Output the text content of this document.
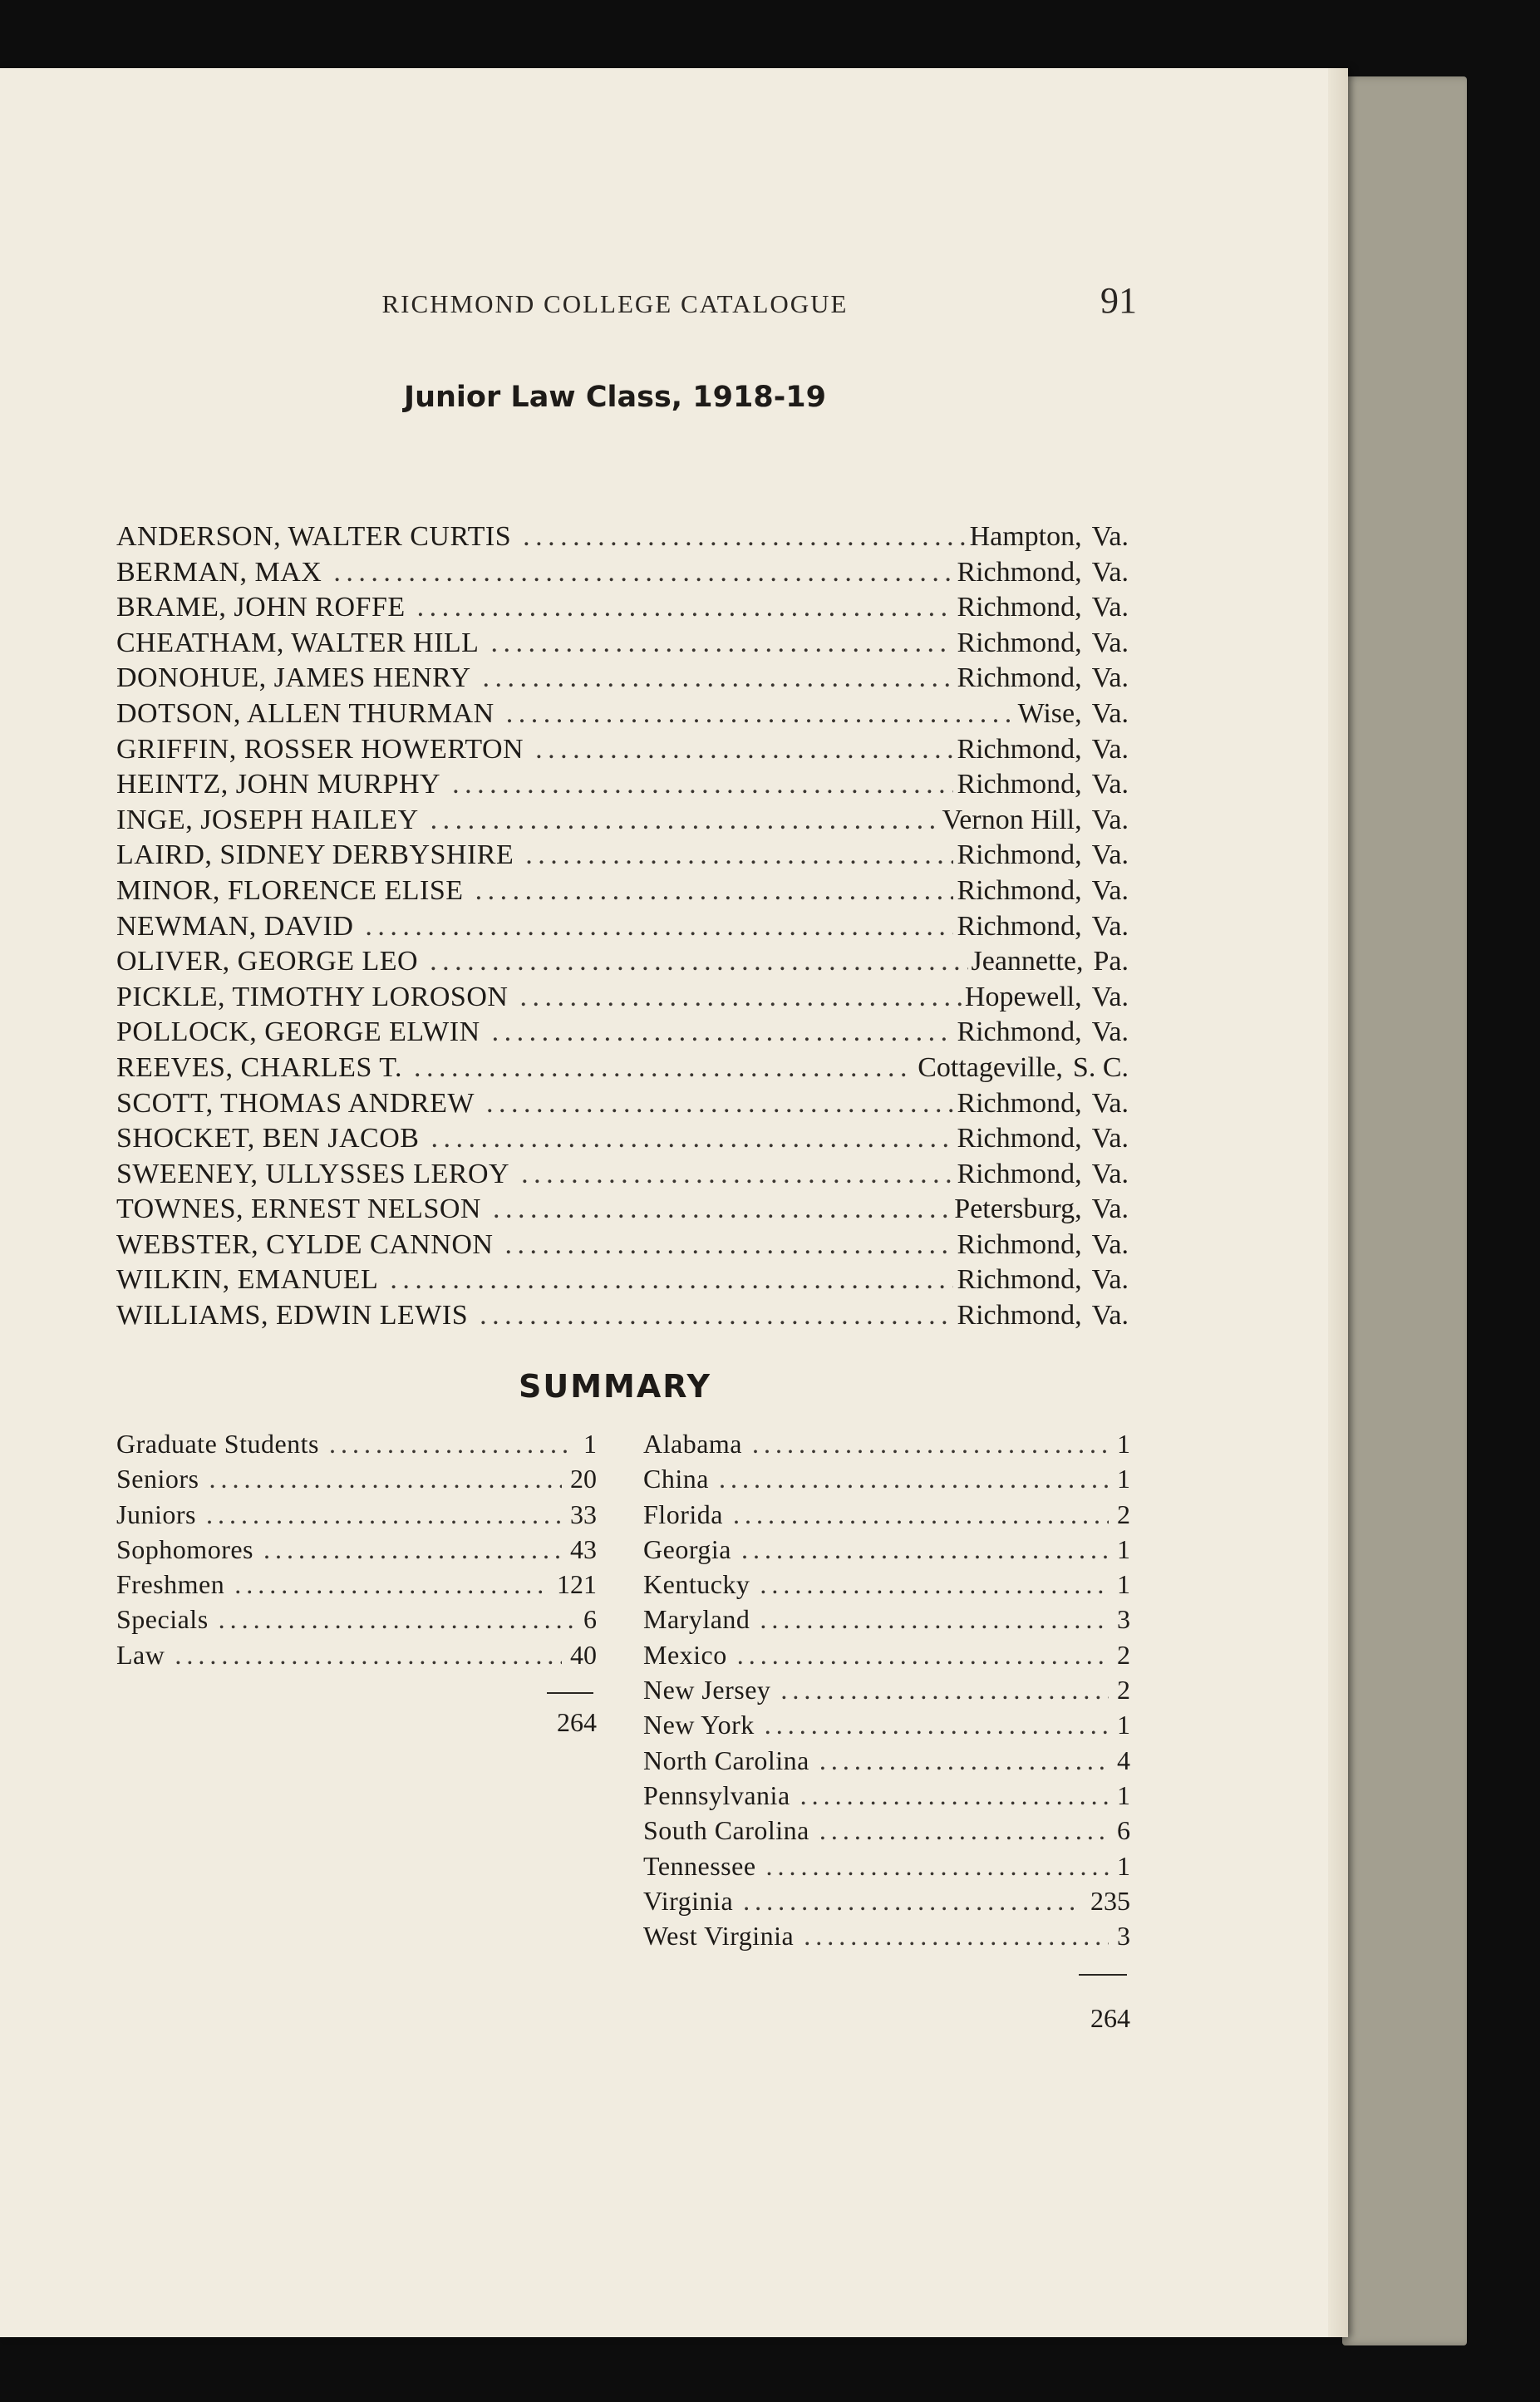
RICHMOND COLLEGE CATALOGUE	91
Junior Law Class, 1918-19
ANDERSON, WALTER CURTIS . . .	Hampton, Va.
BERMAN, MAX . . .	Richmond, Va.
BRAME, JOHN ROFFE . . .	Richmond, Va.
CHEATHAM, WALTER HILL . . .	Richmond, Va.
DONOHUE, JAMES HENRY . . .	Richmond, Va.
DOTSON, ALLEN THURMAN . . .	Wise, Va.
GRIFFIN, ROSSER HOWERTON . . .	Richmond, Va.
HEINTZ, JOHN MURPHY . . .	Richmond, Va.
INGE, JOSEPH HAILEY . . .	Vernon Hill, Va.
LAIRD, SIDNEY DERBYSHIRE . . .	Richmond, Va.
MINOR, FLORENCE ELISE . . .	Richmond, Va.
NEWMAN, DAVID . . .	Richmond, Va.
OLIVER, GEORGE LEO . . .	Jeannette, Pa.
PICKLE, TIMOTHY LOROSON . . .	Hopewell, Va.
POLLOCK, GEORGE ELWIN . . .	Richmond, Va.
REEVES, CHARLES T. . . .	Cottageville, S. C.
SCOTT, THOMAS ANDREW . . .	Richmond, Va.
SHOCKET, BEN JACOB . . .	Richmond, Va.
SWEENEY, ULLYSSES LEROY . . .	Richmond, Va.
TOWNES, ERNEST NELSON . . .	Petersburg, Va.
WEBSTER, CYLDE CANNON . . .	Richmond, Va.
WILKIN, EMANUEL . . .	Richmond, Va.
WILLIAMS, EDWIN LEWIS . . .	Richmond, Va.
SUMMARY
Graduate Students . . .	1
Seniors . . .	20
Juniors . . .	33
Sophomores . . .	43
Freshmen . . .	121
Specials . . .	6
Law . . .	40
264
Alabama . . .	1
China . . .	1
Florida . . .	2
Georgia . . .	1
Kentucky . . .	1
Maryland . . .	3
Mexico . . .	2
New Jersey . . .	2
New York . . .	1
North Carolina . . .	4
Pennsylvania . . .	1
South Carolina . . .	6
Tennessee . . .	1
Virginia . . .	235
West Virginia . . .	3
264
